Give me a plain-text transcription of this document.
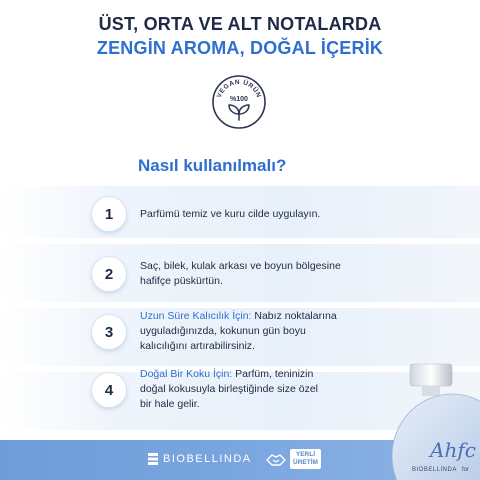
ÜST, ORTA VE ALT NOTALARDA
ZENGİN AROMA, DOĞAL İÇERİK
VEGAN ÜRÜN
%100
Nasıl kullanılmalı?
1	Parfümü temiz ve kuru cilde uygulayın.
2	Saç, bilek, kulak arkası ve boyun bölgesine
hafifçe püskürtün.
3
Uzun Süre Kalıcılık İçin: Nabız noktalarına
uyguladığınızda, kokunun gün boyu
kalıcılığını artırabilirsiniz.
4
Doğal Bir Koku İçin: Parfüm, teninizin
doğal kokusuyla birleştiğinde size özel
bir hale gelir.
BIOBELLINDA	YERLİ
ÜRETİM
Ahfc
BIOBELLINDA for
